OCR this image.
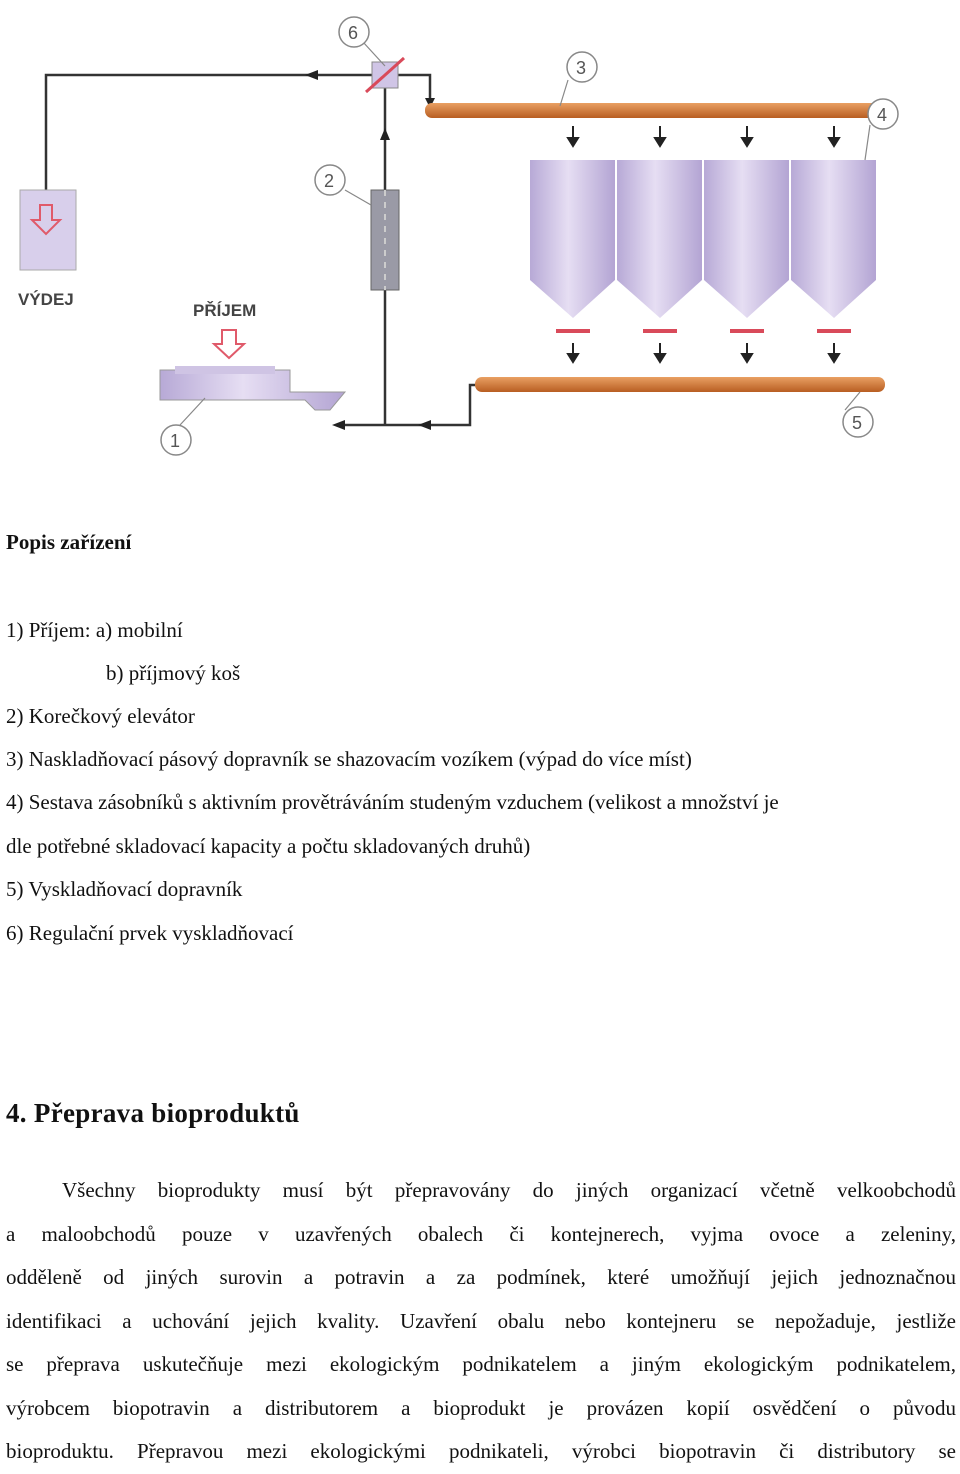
VÝDEJ
PŘÍJEM
1
2
3
4
5
6
Popis zařízení

1) Příjem: a) mobilní

b) příjmový koš

2) Korečkový elevátor

3) Naskladňovací pásový dopravník se shazovacím vozíkem (výpad do více míst)

4) Sestava zásobníků s aktivním provětráváním studeným vzduchem (velikost a množství je

dle potřebné skladovací kapacity a počtu skladovaných druhů)

5) Vyskladňovací dopravník

6) Regulační prvek vyskladňovací

4. Přeprava bioproduktů
Všechny bioprodukty musí být přepravovány do jiných organizací včetně velkoobchodů
a maloobchodů pouze v uzavřených obalech či kontejnerech, vyjma ovoce a zeleniny,
odděleně od jiných surovin a potravin a za podmínek, které umožňují jejich jednoznačnou
identifikaci a uchování jejich kvality. Uzavření obalu nebo kontejneru se nepožaduje, jestliže
se přeprava uskutečňuje mezi ekologickým podnikatelem a jiným ekologickým podnikatelem,
výrobcem biopotravin a distributorem a bioprodukt je provázen kopií osvědčení o původu
bioproduktu. Přepravou mezi ekologickými podnikateli, výrobci biopotravin či distributory se
